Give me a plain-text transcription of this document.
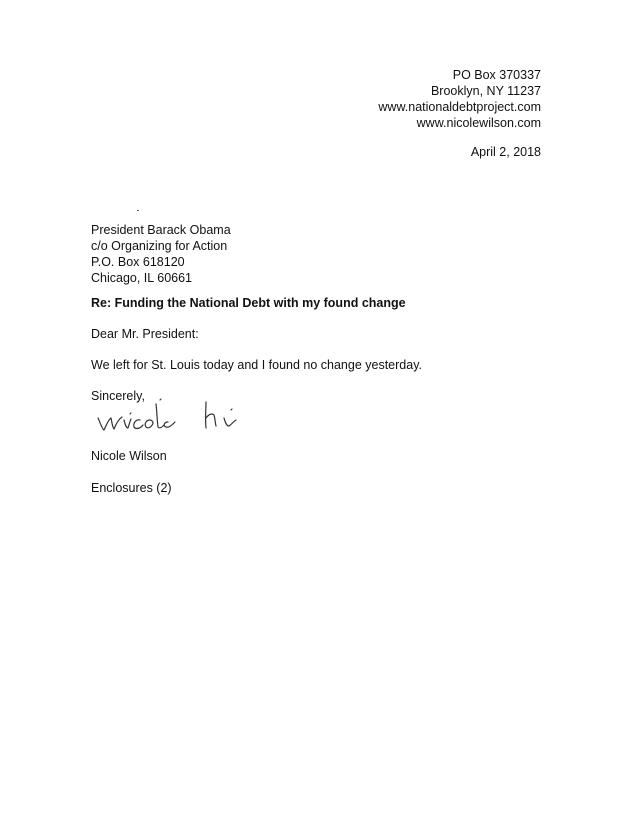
PO Box 370337
Brooklyn, NY 11237
www.nationaldebtproject.com
www.nicolewilson.com
April 2, 2018
President Barack Obama
c/o Organizing for Action
P.O. Box 618120
Chicago, IL 60661
Re: Funding the National Debt with my found change
Dear Mr. President:
We left for St. Louis today and I found no change yesterday.
Sincerely,
Nicole Wilson
Enclosures (2)
